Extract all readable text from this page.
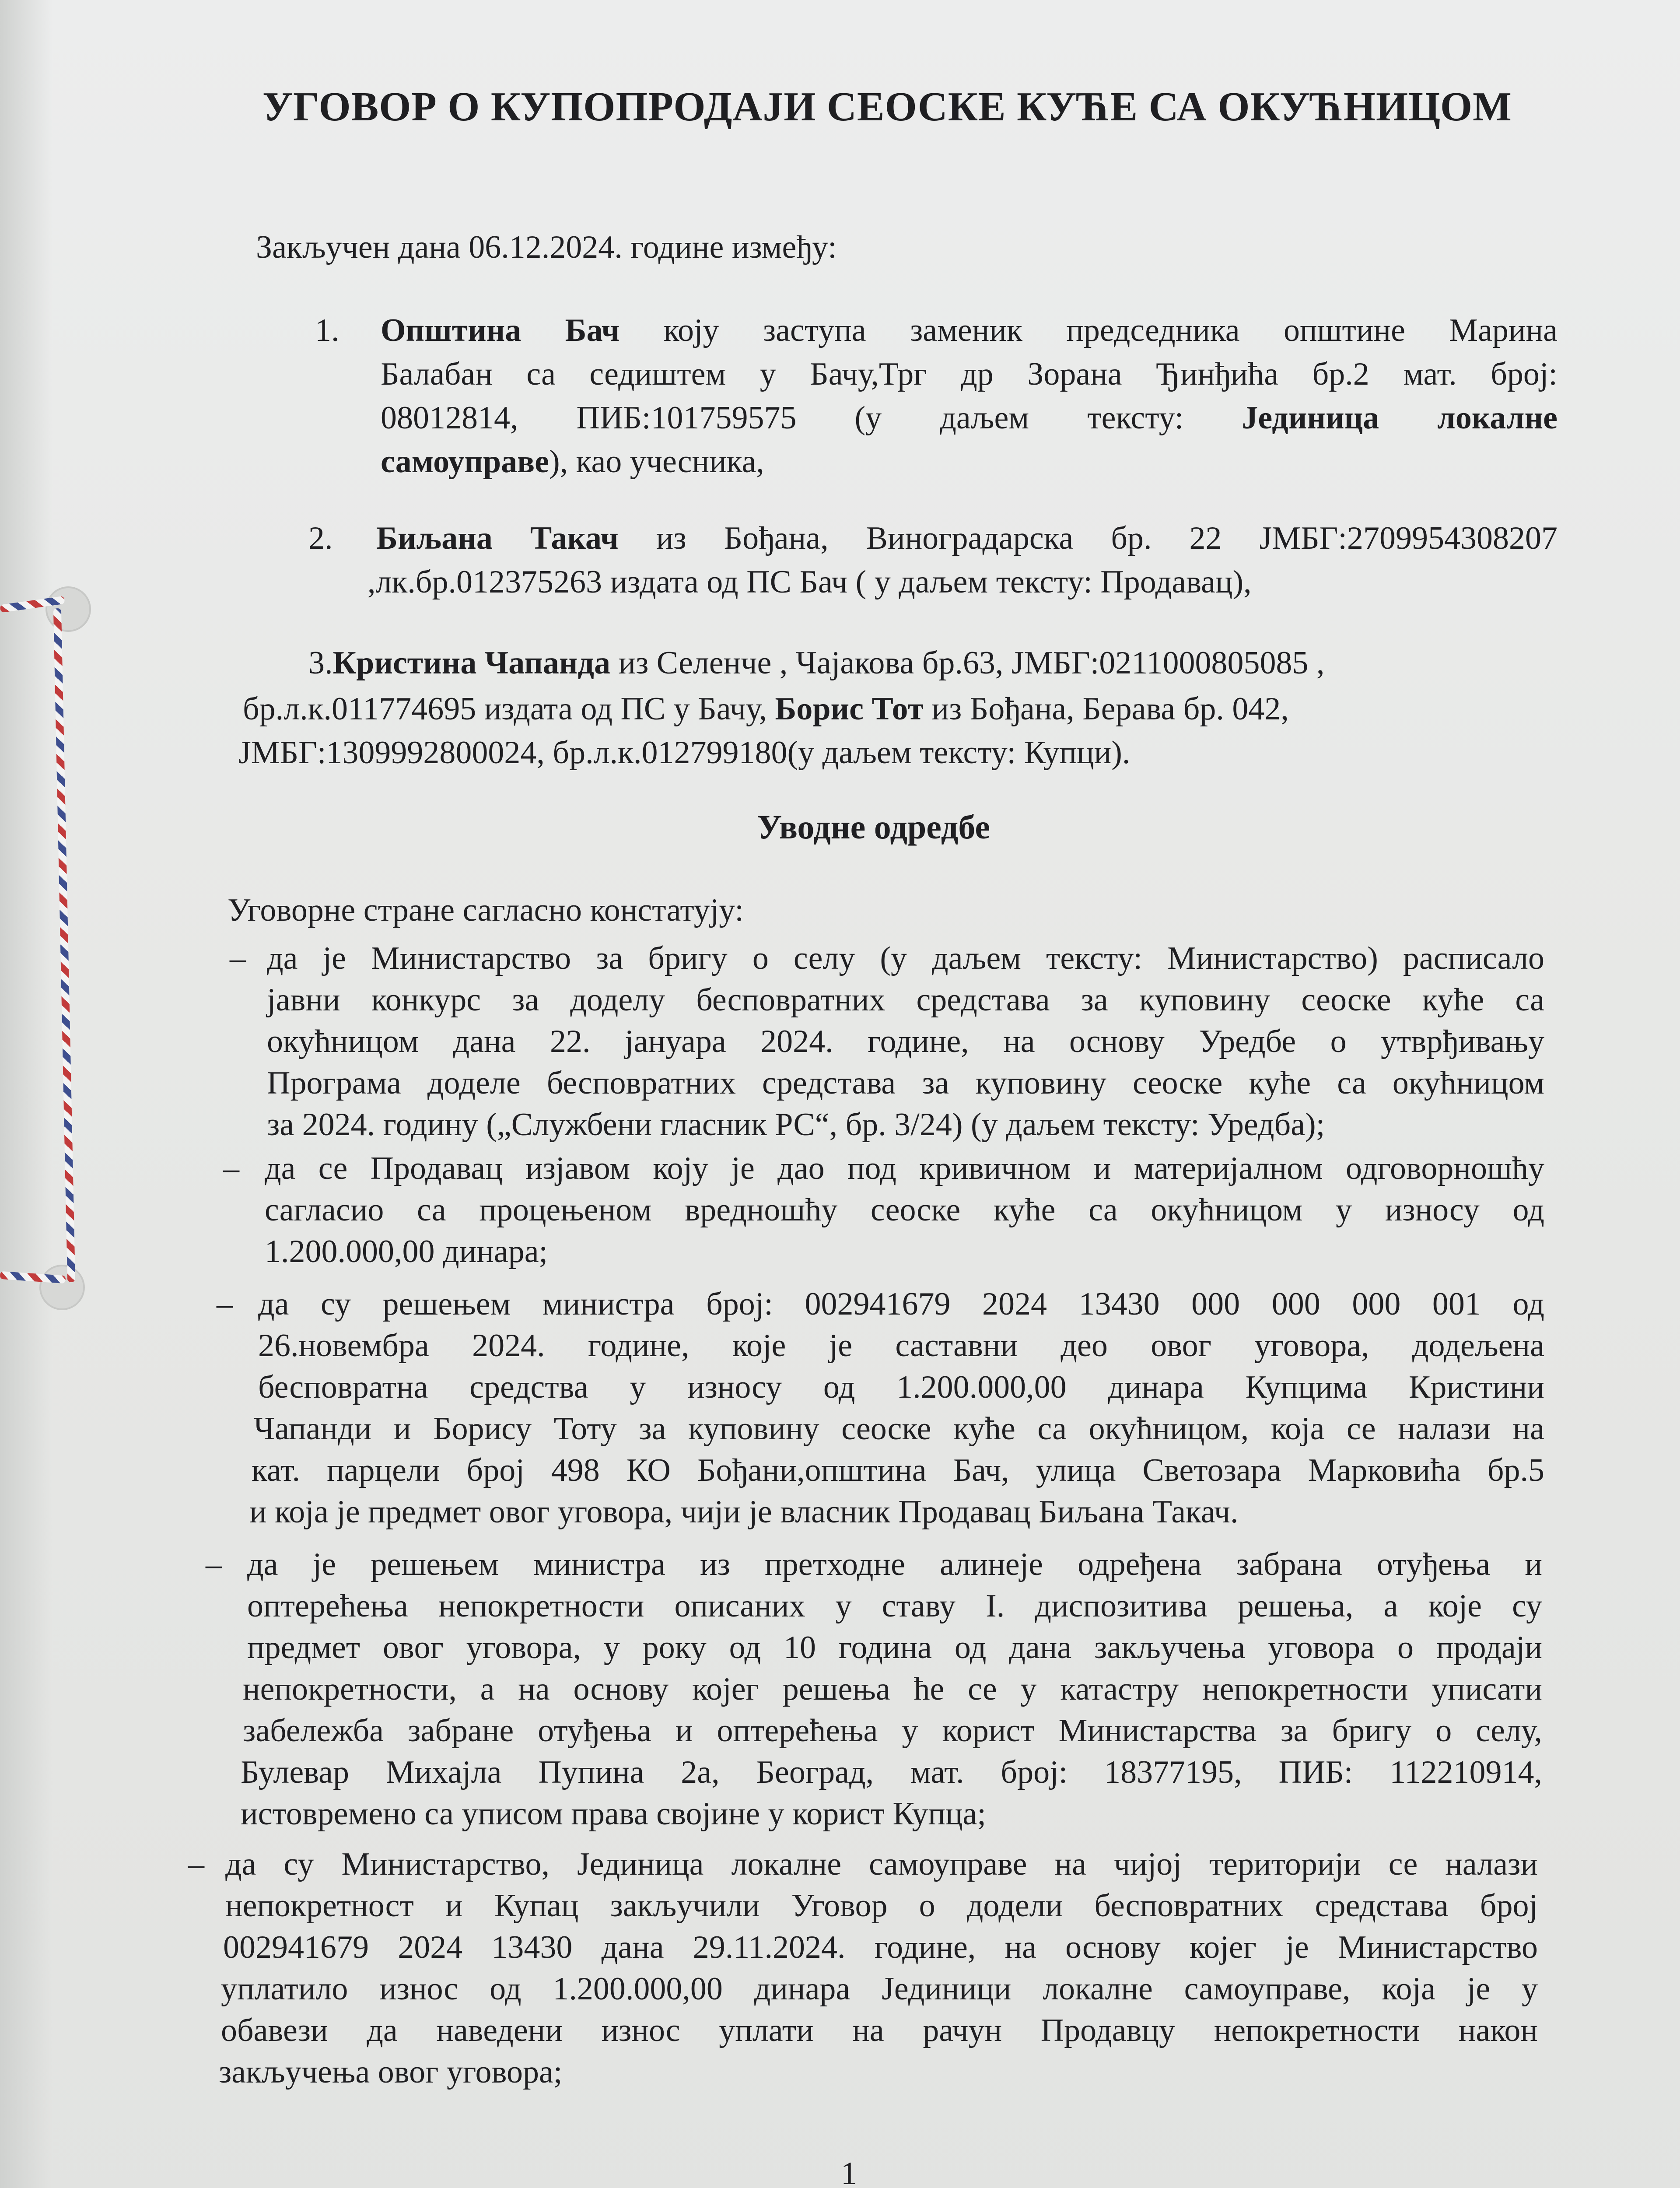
УГОВОР О КУПОПРОДАЈИ СЕОСКЕ КУЋЕ СА ОКУЋНИЦОМ
Закључен дана 06.12.2024. године између:
1. Општина Бач коју заступа заменик председника општине Марина
Балабан са седиштем у Бачу,Трг др Зорана Ђинђића бр.2 мат. број:
08012814, ПИБ:101759575 (у даљем тексту: Јединица локалне
самоуправе), као учесника,
2. Биљана Такач из Бођана, Виноградарска бр. 22 ЈМБГ:2709954308207
,лк.бр.012375263 издата од ПС Бач ( у даљем тексту: Продавац),
3.Кристина Чапанда из Селенче , Чајакова бр.63, ЈМБГ:0211000805085 ,
бр.л.к.011774695 издата од ПС у Бачу, Борис Тот из Бођана, Берава бр. 042,
ЈМБГ:1309992800024, бр.л.к.012799180(у даљем тексту: Купци).
Уводне одредбе
Уговорне стране сагласно констатују:
– да је Министарство за бригу о селу (у даљем тексту: Министарство) расписало
јавни конкурс за доделу бесповратних средстава за куповину сеоске куће са
окућницом дана 22. јануара 2024. године, на основу Уредбе о утврђивању
Програма доделе бесповратних средстава за куповину сеоске куће са окућницом
за 2024. годину („Службени гласник РС“, бр. 3/24) (у даљем тексту: Уредба);
– да се Продавац изјавом коју је дао под кривичном и материјалном одговорношћу
сагласио са процењеном вредношћу сеоске куће са окућницом у износу од
1.200.000,00 динара;
– да су решењем министра број: 002941679 2024 13430 000 000 000 001 од
26.новембра 2024. године, које је саставни део овог уговора, додељена
бесповратна средства у износу од 1.200.000,00 динара Купцима Кристини
Чапанди и Борису Тоту за куповину сеоске куће са окућницом, која се налази на
кат. парцели број 498 КО Бођани,општина Бач, улица Светозара Марковића бр.5
и која је предмет овог уговора, чији је власник Продавац Биљана Такач.
– да је решењем министра из претходне алинеје одређена забрана отуђења и
оптерећења непокретности описаних у ставу I. диспозитива решења, а које су
предмет овог уговора, у року од 10 година од дана закључења уговора о продаји
непокретности, а на основу којег решења ће се у катастру непокретности уписати
забележба забране отуђења и оптерећења у корист Министарства за бригу о селу,
Булевар Михајла Пупина 2а, Београд, мат. број: 18377195, ПИБ: 112210914,
истовремено са уписом права својине у корист Купца;
– да су Министарство, Јединица локалне самоуправе на чијој територији се налази
непокретност и Купац закључили Уговор о додели бесповратних средстава број
002941679 2024 13430 дана 29.11.2024. године, на основу којег је Министарство
уплатило износ од 1.200.000,00 динара Јединици локалне самоуправе, која је у
обавези да наведени износ уплати на рачун Продавцу непокретности након
закључења овог уговора;
1
